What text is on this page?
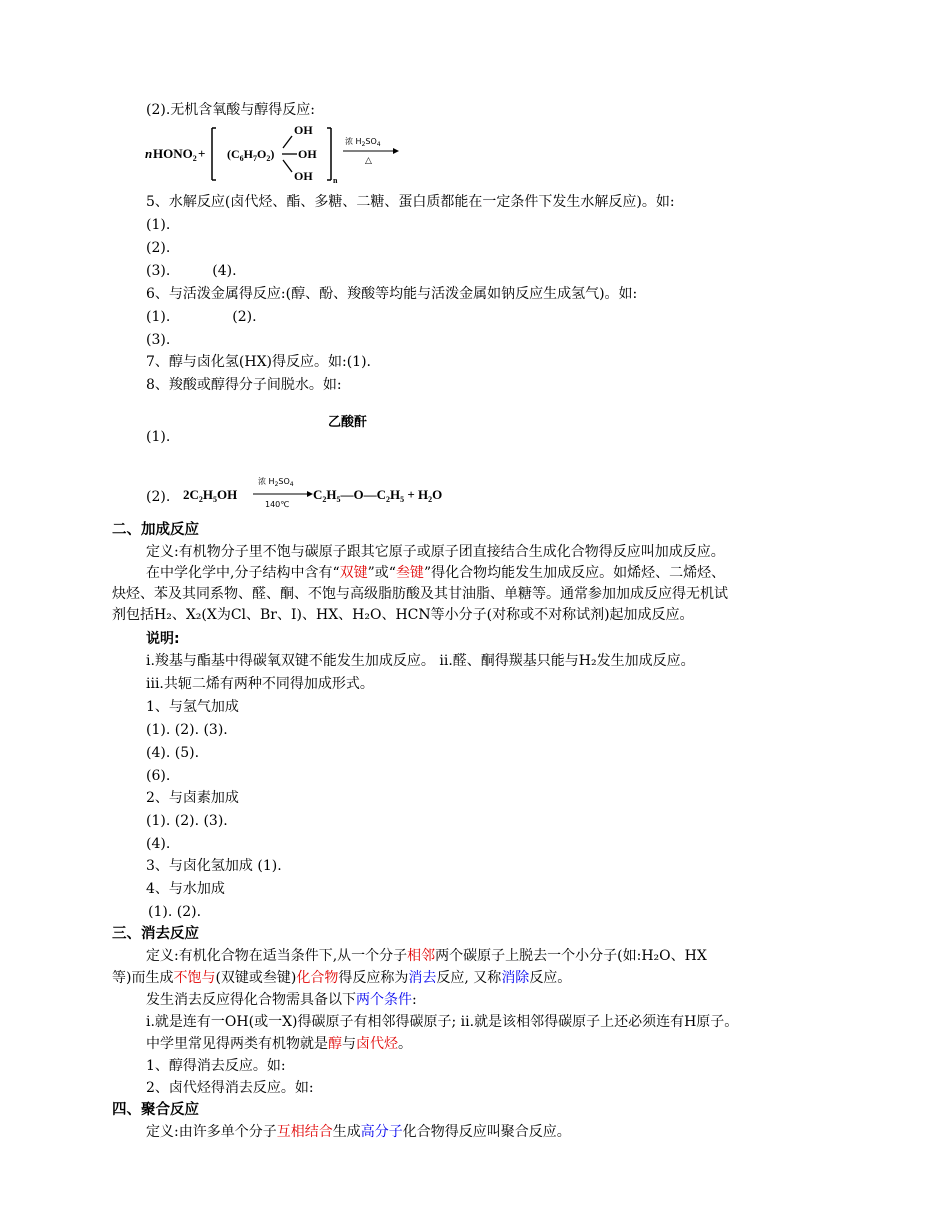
(2).无机含氧酸与醇得反应:
n $HONO_2 + (C_6H_7O_2)$
OH
OH
OH	n
浓 $H_2SO_4$
△
5、水解反应(卤代烃、酯、多糖、二糖、蛋白质都能在一定条件下发生水解反应)。如:
(1).
(2).
(3).	(4).
6、与活泼金属得反应:(醇、酚、羧酸等均能与活泼金属如钠反应生成氢气)。如:
(1).	(2).
(3).
7、醇与卤化氢(HX)得反应。如:(1).
8、羧酸或醇得分子间脱水。如:
乙酸酐
(1).
(2). $2C_2H_5OH$
浓 $H_2SO_4$
140℃
$C_2H_5—O—C_2H_5 + H_2O$
二、加成反应
定义:有机物分子里不饱与碳原子跟其它原子或原子团直接结合生成化合物得反应叫加成反应。
在中学化学中,分子结构中含有“双键”或“叁键”得化合物均能发生加成反应。如烯烃、二烯烃、
炔烃、苯及其同系物、醛、酮、不饱与高级脂肪酸及其甘油脂、单糖等。通常参加加成反应得无机试
剂包括H₂、X₂(X为Cl、Br、I)、HX、H₂O、HCN等小分子(对称或不对称试剂)起加成反应。
说明:
i.羧基与酯基中得碳氧双键不能发生加成反应。 ii.醛、酮得羰基只能与H₂发生加成反应。
iii.共轭二烯有两种不同得加成形式。
1、与氢气加成
(1). (2). (3).
(4). (5).
(6).
2、与卤素加成
(1). (2). (3).
(4).
3、与卤化氢加成 (1).
4、与水加成
(1). (2).
三、消去反应
定义:有机化合物在适当条件下,从一个分子相邻两个碳原子上脱去一个小分子(如:H₂O、HX
等)而生成不饱与(双键或叁键)化合物得反应称为消去反应, 又称消除反应。
发生消去反应得化合物需具备以下两个条件:
i.就是连有一OH(或一X)得碳原子有相邻得碳原子; ii.就是该相邻得碳原子上还必须连有H原子。
中学里常见得两类有机物就是醇与卤代烃。
1、醇得消去反应。如:
2、卤代烃得消去反应。如:
四、聚合反应
定义:由许多单个分子互相结合生成高分子化合物得反应叫聚合反应。
